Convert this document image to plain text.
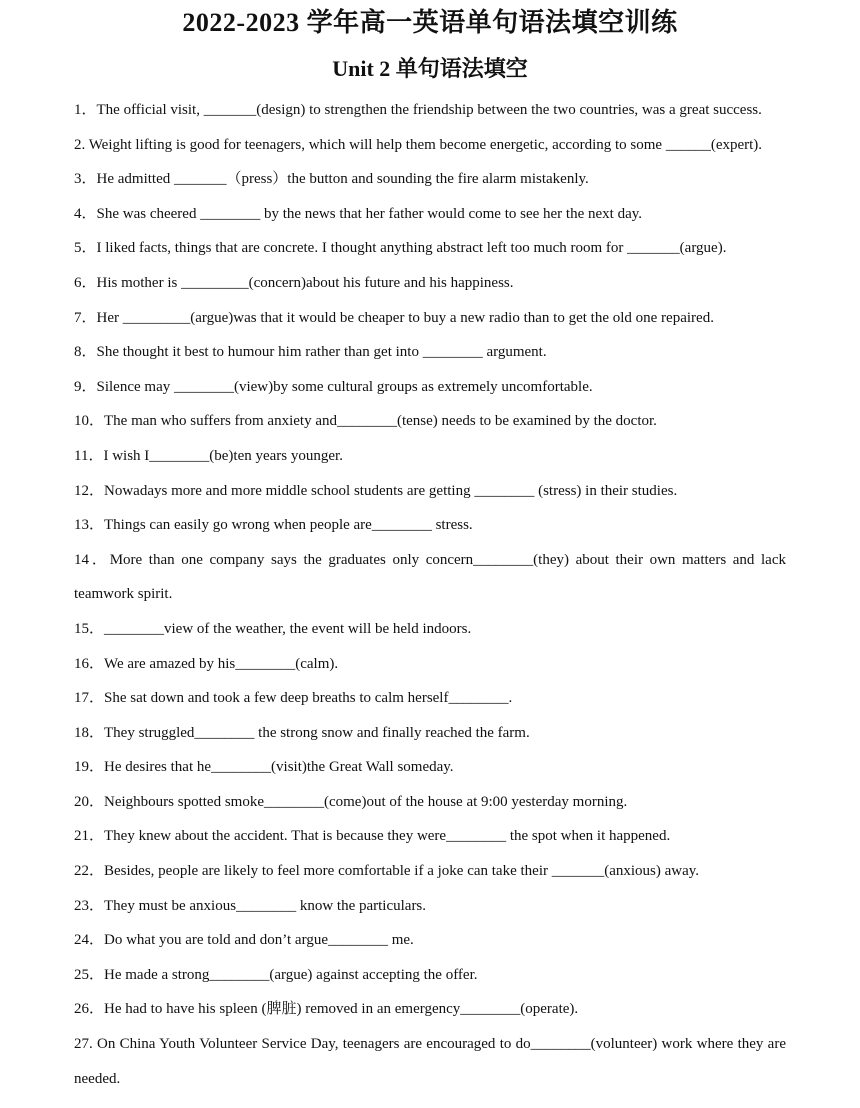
2022-2023 学年高一英语单句语法填空训练
Unit 2 单句语法填空
1．The official visit, _______(design) to strengthen the friendship between the two countries, was a great success.
2. Weight lifting is good for teenagers, which will help them become energetic, according to some ______(expert).
3．He admitted _______（press）the button and sounding the fire alarm mistakenly.
4．She was cheered ________ by the news that her father would come to see her the next day.
5．I liked facts, things that are concrete. I thought anything abstract left too much room for _______(argue).
6．His mother is _________(concern)about his future and his happiness.
7．Her _________(argue)was that it would be cheaper to buy a new radio than to get the old one repaired.
8．She thought it best to humour him rather than get into ________ argument.
9．Silence may ________(view)by some cultural groups as extremely uncomfortable.
10．The man who suffers from anxiety and________(tense) needs to be examined by the doctor.
11．I wish I________(be)ten years younger.
12．Nowadays more and more middle school students are getting ________ (stress) in their studies.
13．Things can easily go wrong when people are________ stress.
14．More than one company says the graduates only concern________(they) about their own matters and lack teamwork spirit.
15．________view of the weather, the event will be held indoors.
16．We are amazed by his________(calm).
17．She sat down and took a few deep breaths to calm herself________.
18．They struggled________ the strong snow and finally reached the farm.
19．He desires that he________(visit)the Great Wall someday.
20．Neighbours spotted smoke________(come)out of the house at 9:00 yesterday morning.
21．They knew about the accident. That is because they were________ the spot when it happened.
22．Besides, people are likely to feel more comfortable if a joke can take their _______(anxious) away.
23．They must be anxious________ know the particulars.
24．Do what you are told and don’t argue________ me.
25．He made a strong________(argue) against accepting the offer.
26．He had to have his spleen (脾脏) removed in an emergency________(operate).
27. On China Youth Volunteer Service Day, teenagers are encouraged to do________(volunteer) work where they are needed.
